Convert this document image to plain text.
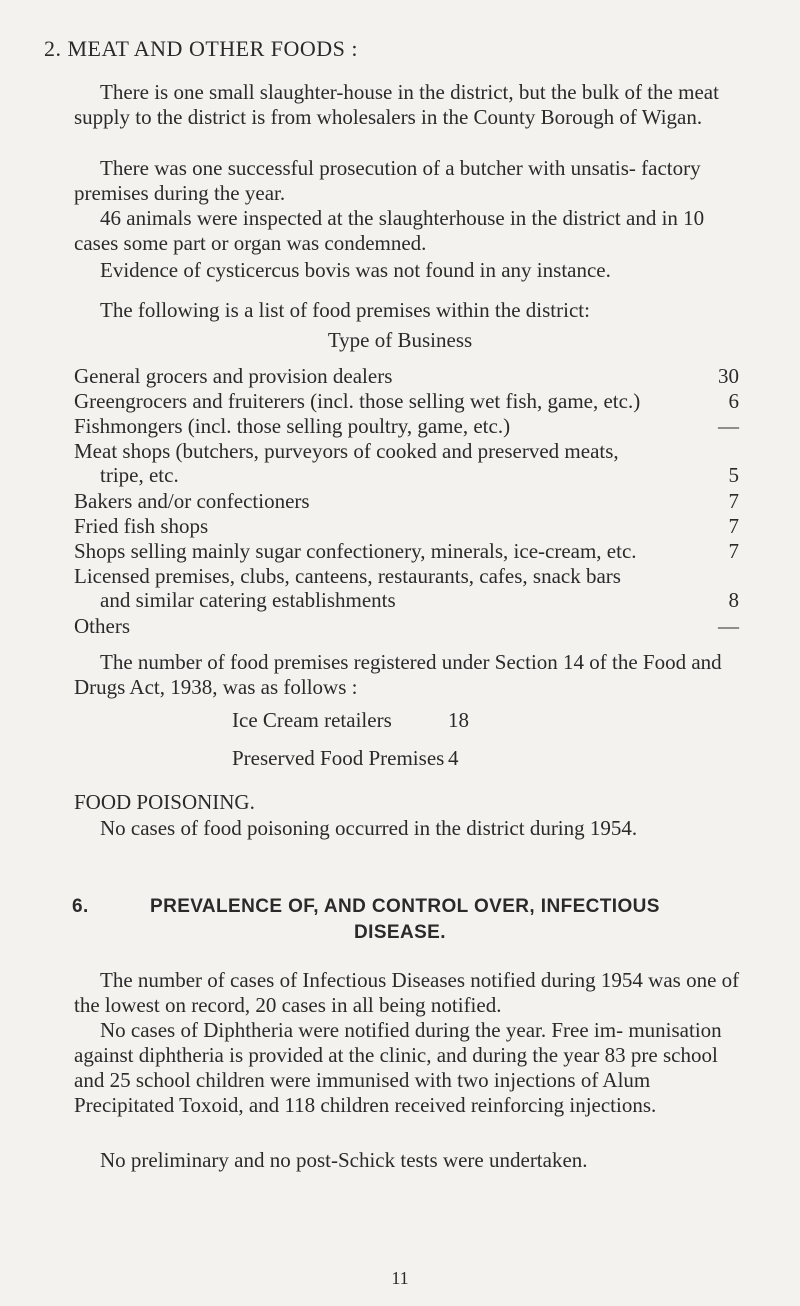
2. MEAT AND OTHER FOODS :

There is one small slaughter-house in the district, but the bulk of the meat supply to the district is from wholesalers in the County Borough of Wigan.

There was one successful prosecution of a butcher with unsatis- factory premises during the year.

46 animals were inspected at the slaughterhouse in the district and in 10 cases some part or organ was condemned.

Evidence of cysticercus bovis was not found in any instance.

The following is a list of food premises within the district:

Type of Business
General grocers and provision dealers	30
Greengrocers and fruiterers (incl. those selling wet fish, game, etc.)	6
Fishmongers (incl. those selling poultry, game, etc.)	—
Meat shops (butchers, purveyors of cooked and preserved meats,
tripe, etc.	5
Bakers and/or confectioners	7
Fried fish shops	7
Shops selling mainly sugar confectionery, minerals, ice-cream, etc.	7
Licensed premises, clubs, canteens, restaurants, cafes, snack bars
and similar catering establishments	8
Others	—

The number of food premises registered under Section 14 of the Food and Drugs Act, 1938, was as follows :

Ice Cream retailers	18
Preserved Food Premises 4
FOOD POISONING.

No cases of food poisoning occurred in the district during 1954.

6.	PREVALENCE OF, AND CONTROL OVER, INFECTIOUS
DISEASE.

The number of cases of Infectious Diseases notified during 1954 was one of the lowest on record, 20 cases in all being notified.

No cases of Diphtheria were notified during the year. Free im- munisation against diphtheria is provided at the clinic, and during the year 83 pre school and 25 school children were immunised with two injections of Alum Precipitated Toxoid, and 118 children received reinforcing injections.

No preliminary and no post-Schick tests were undertaken.

11
